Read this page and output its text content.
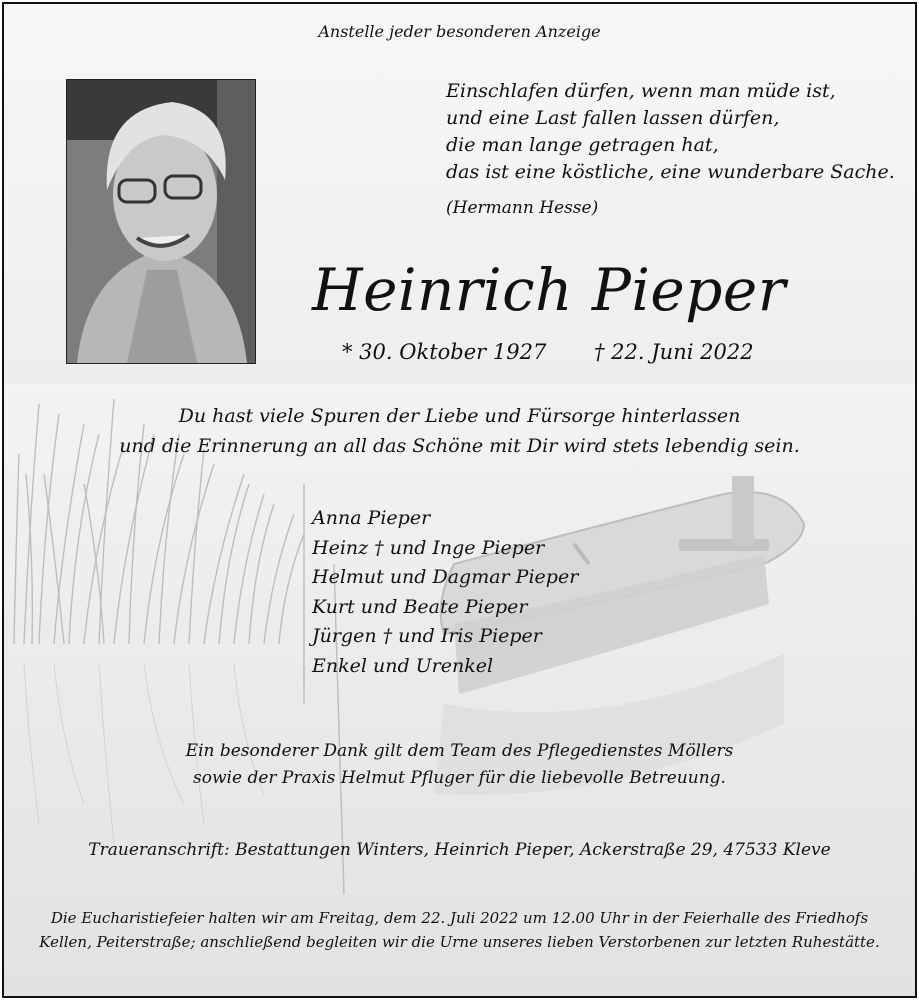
Anstelle jeder besonderen Anzeige
Einschlafen dürfen, wenn man müde ist,
und eine Last fallen lassen dürfen,
die man lange getragen hat,
das ist eine köstliche, eine wunderbare Sache.
(Hermann Hesse)
Heinrich Pieper
* 30. Oktober 1927 † 22. Juni 2022
Du hast viele Spuren der Liebe und Fürsorge hinterlassen
und die Erinnerung an all das Schöne mit Dir wird stets lebendig sein.
Anna Pieper
Heinz † und Inge Pieper
Helmut und Dagmar Pieper
Kurt und Beate Pieper
Jürgen † und Iris Pieper
Enkel und Urenkel
Ein besonderer Dank gilt dem Team des Pflegedienstes Möllers
sowie der Praxis Helmut Pfluger für die liebevolle Betreuung.
Traueranschrift: Bestattungen Winters, Heinrich Pieper, Ackerstraße 29, 47533 Kleve
Die Eucharistiefeier halten wir am Freitag, dem 22. Juli 2022 um 12.00 Uhr in der Feierhalle des Friedhofs
Kellen, Peiterstraße; anschließend begleiten wir die Urne unseres lieben Verstorbenen zur letzten Ruhestätte.
